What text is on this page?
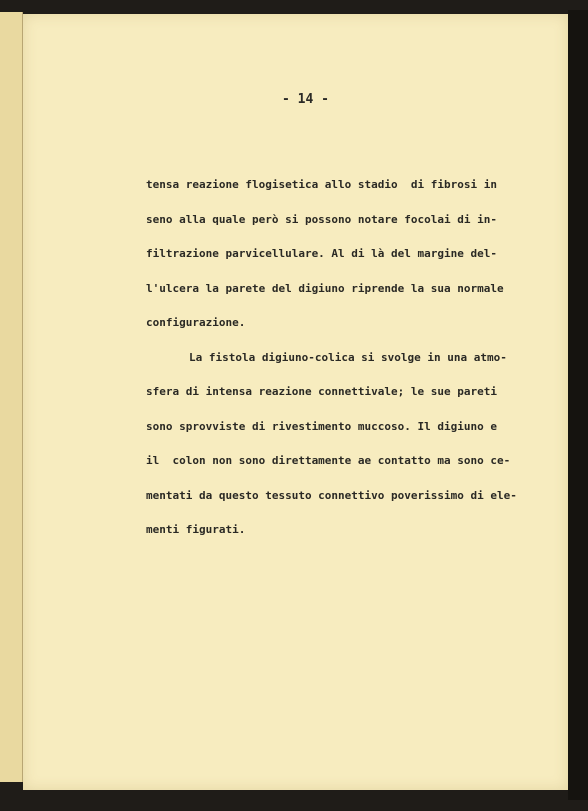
- 14 -
tensa reazione flogisetica allo stadio  di fibrosi in
seno alla quale però si possono notare focolai di in-
filtrazione parvicellulare. Al di là del margine del-
l'ulcera la parete del digiuno riprende la sua normale
configurazione.
La fistola digiuno-colica si svolge in una atmo-
sfera di intensa reazione connettivale; le sue pareti
sono sprovviste di rivestimento muccoso. Il digiuno e
il  colon non sono direttamente ae contatto ma sono ce-
mentati da questo tessuto connettivo poverissimo di ele-
menti figurati.
